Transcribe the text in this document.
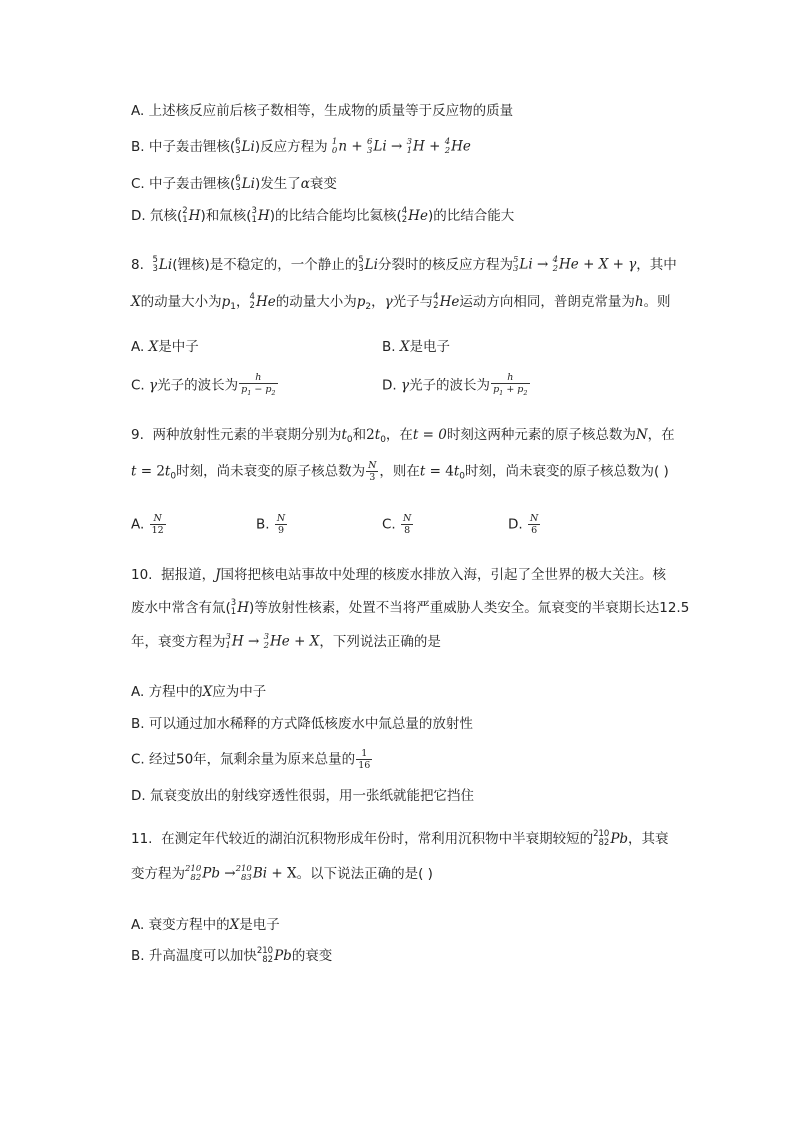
A. 上述核反应前后核子数相等，生成物的质量等于反应物的质量
B. 中子轰击锂核( 6
3 Li)反应方程为 1
0 n + 6
3 Li → 3
1 H + 4
2 He
C. 中子轰击锂核( 6
3 Li)发生了α衰变
D. 氘核( 2
1 H)和氚核( 3
1 H)的比结合能均比氦核( 4
2 He)的比结合能大
8. 5
3 Li(锂核)是不稳定的，一个静止的 5
3 Li分裂时的核反应方程为 5
3 Li → 4
2 He + X + γ，其中
X的动量大小为$p_1$， 4
2 He的动量大小为$p_2$，γ光子与 4
2 He运动方向相同，普朗克常量为h。则
A. X是中子	B. X是电子
C. γ光子的波长为 $\frac{h}{p_1 - p_2}$	D. γ光子的波长为 $\frac{h}{p_1 + p_2}$
9. 两种放射性元素的半衰期分别为$t_0$和$2t_0$，在t = 0时刻这两种元素的原子核总数为N，在
$t = 2t_0$时刻，尚未衰变的原子核总数为 $\frac{N}{3}$ ，则在$t = 4t_0$时刻，尚未衰变的原子核总数为( )
A. $\frac{N}{12}$	B. $\frac{N}{9}$	C. $\frac{N}{8}$	D. $\frac{N}{6}$
10. 据报道，J国将把核电站事故中处理的核废水排放入海，引起了全世界的极大关注。核
废水中常含有氚( 3
1 H)等放射性核素，处置不当将严重威胁人类安全。氚衰变的半衰期长达12.5
年，衰变方程为 3
1 H → 3
2 He + X，下列说法正确的是
A. 方程中的X应为中子
B. 可以通过加水稀释的方式降低核废水中氚总量的放射性
C. 经过50年，氚剩余量为原来总量的 $\frac{1}{16}$
D. 氚衰变放出的射线穿透性很弱，用一张纸就能把它挡住
11. 在测定年代较近的湖泊沉积物形成年份时，常利用沉积物中半衰期较短的 210
82 Pb，其衰
变方程为 210
82 Pb → 210
83 Bi + X。以下说法正确的是( )
A. 衰变方程中的X是电子
B. 升高温度可以加快 210
82 Pb的衰变
